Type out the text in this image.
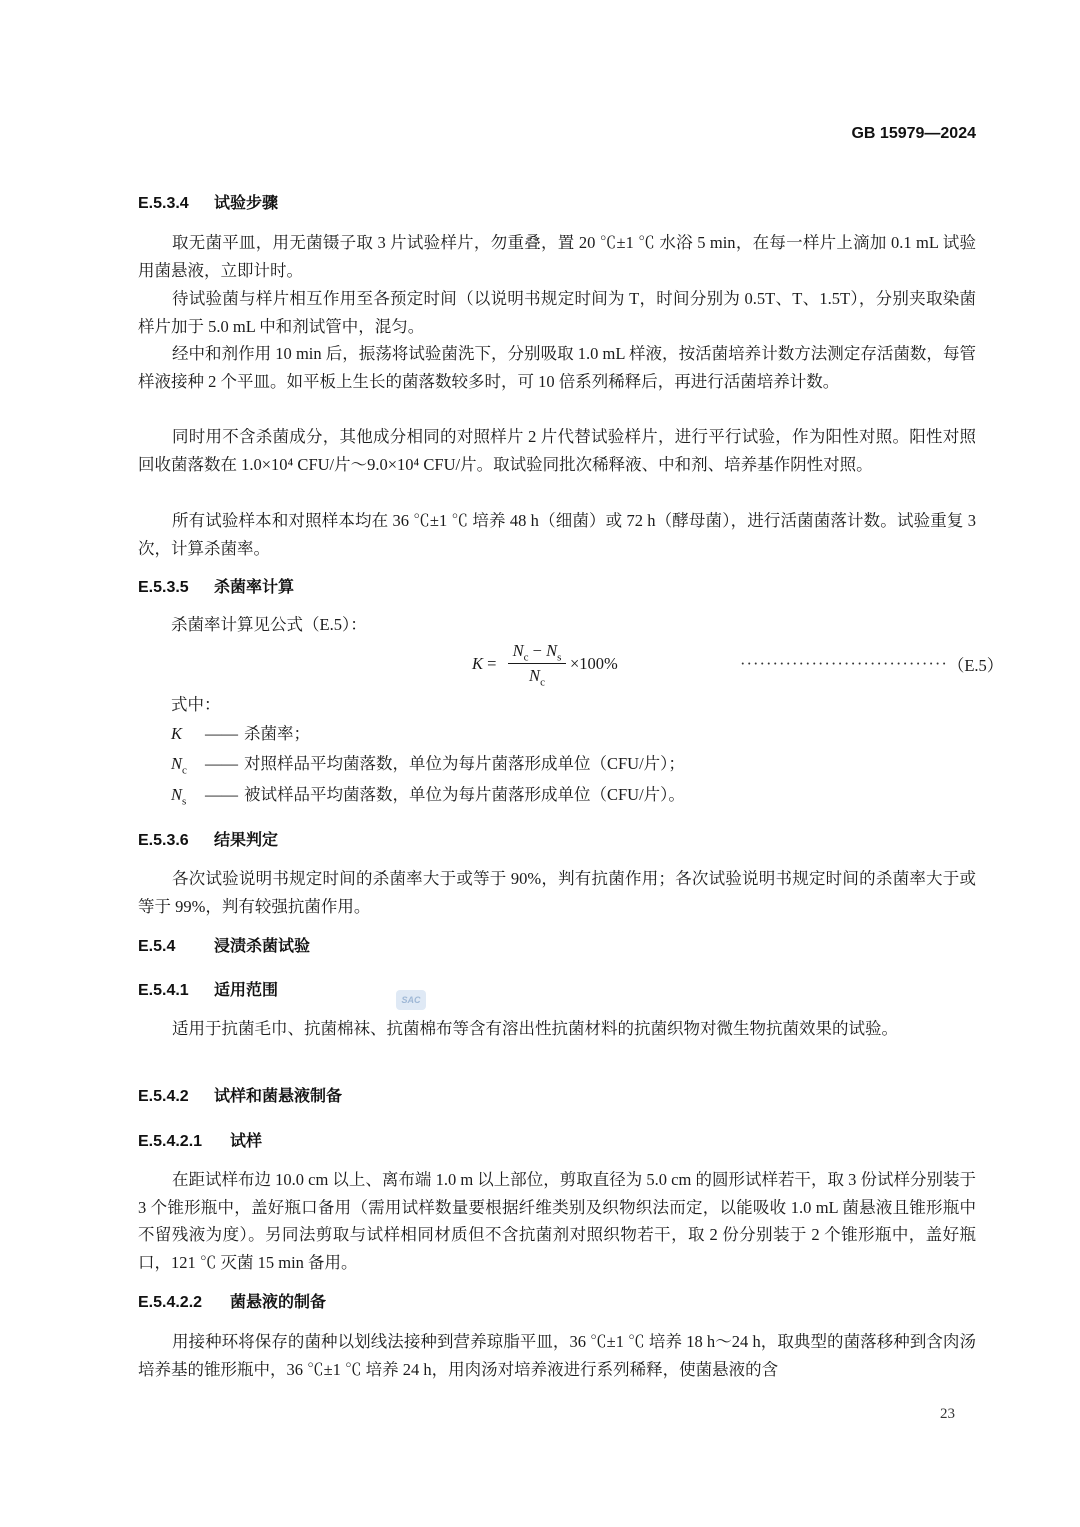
GB 15979—2024
E.5.3.4 试验步骤
取无菌平皿，用无菌镊子取 3 片试验样片，勿重叠，置 20 ℃±1 ℃ 水浴 5 min，在每一样片上滴加 0.1 mL 试验用菌悬液，立即计时。
待试验菌与样片相互作用至各预定时间（以说明书规定时间为 T，时间分别为 0.5T、T、1.5T），分别夹取染菌样片加于 5.0 mL 中和剂试管中，混匀。
经中和剂作用 10 min 后，振荡将试验菌洗下，分别吸取 1.0 mL 样液，按活菌培养计数方法测定存活菌数，每管样液接种 2 个平皿。如平板上生长的菌落数较多时，可 10 倍系列稀释后，再进行活菌培养计数。
同时用不含杀菌成分，其他成分相同的对照样片 2 片代替试验样片，进行平行试验，作为阳性对照。阳性对照回收菌落数在 1.0×10⁴ CFU/片～9.0×10⁴ CFU/片。取试验同批次稀释液、中和剂、培养基作阴性对照。
所有试验样本和对照样本均在 36 ℃±1 ℃ 培养 48 h（细菌）或 72 h（酵母菌），进行活菌菌落计数。试验重复 3 次，计算杀菌率。
E.5.3.5 杀菌率计算
杀菌率计算见公式（E.5）：
K =
$N_c - N_s$
$N_c$
×100%	································ （E.5）
式中：
K —— 杀菌率；
$N_c$ —— 对照样品平均菌落数，单位为每片菌落形成单位（CFU/片）；
$N_s$ —— 被试样品平均菌落数，单位为每片菌落形成单位（CFU/片）。
E.5.3.6 结果判定
各次试验说明书规定时间的杀菌率大于或等于 90%，判有抗菌作用；各次试验说明书规定时间的杀菌率大于或等于 99%，判有较强抗菌作用。
E.5.4 浸渍杀菌试验
E.5.4.1 适用范围
SAC
适用于抗菌毛巾、抗菌棉袜、抗菌棉布等含有溶出性抗菌材料的抗菌织物对微生物抗菌效果的试验。
E.5.4.2 试样和菌悬液制备
E.5.4.2.1 试样
在距试样布边 10.0 cm 以上、离布端 1.0 m 以上部位，剪取直径为 5.0 cm 的圆形试样若干，取 3 份试样分别装于 3 个锥形瓶中，盖好瓶口备用（需用试样数量要根据纤维类别及织物织法而定，以能吸收 1.0 mL 菌悬液且锥形瓶中不留残液为度）。另同法剪取与试样相同材质但不含抗菌剂对照织物若干，取 2 份分别装于 2 个锥形瓶中，盖好瓶口，121 ℃ 灭菌 15 min 备用。
E.5.4.2.2 菌悬液的制备
用接种环将保存的菌种以划线法接种到营养琼脂平皿，36 ℃±1 ℃ 培养 18 h～24 h，取典型的菌落移种到含肉汤培养基的锥形瓶中，36 ℃±1 ℃ 培养 24 h，用肉汤对培养液进行系列稀释，使菌悬液的含
23
